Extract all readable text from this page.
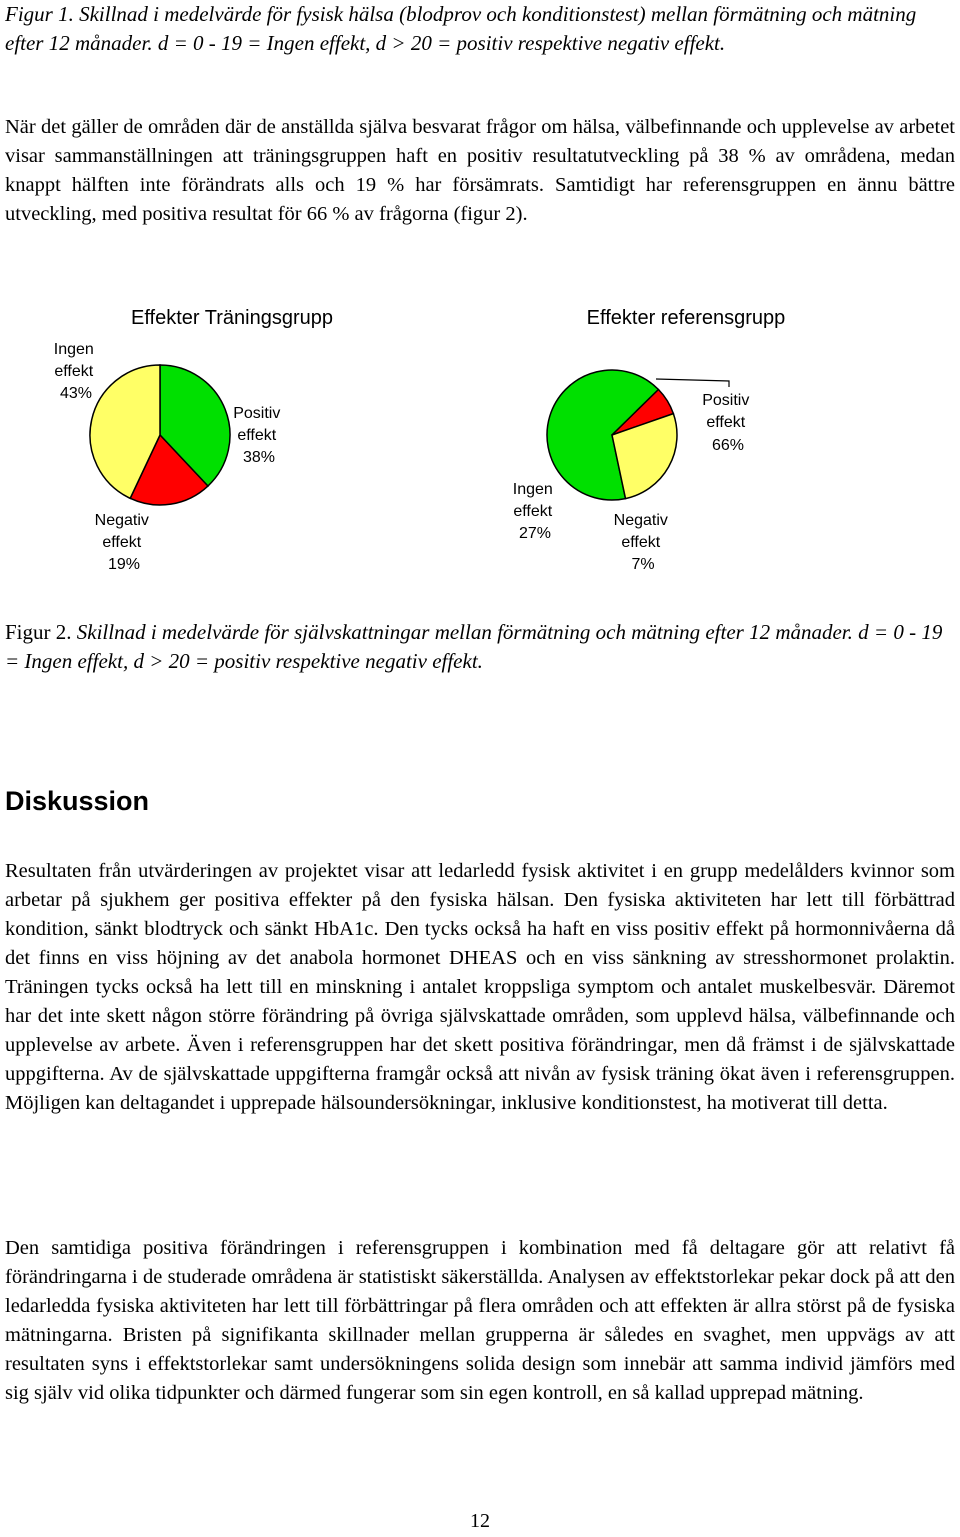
Figur 1. Skillnad i medelvärde för fysisk hälsa (blodprov och konditionstest) mellan förmätning och mätning efter 12 månader. d = 0 - 19 = Ingen effekt, d > 20 = positiv respektive negativ effekt.
När det gäller de områden där de anställda själva besvarat frågor om hälsa, välbefinnande och upplevelse av arbetet visar sammanställningen att träningsgruppen haft en positiv resultatutveckling på 38 % av områdena, medan knappt hälften inte förändrats alls och 19 % har försämrats. Samtidigt har referensgruppen en ännu bättre utveckling, med positiva resultat för 66 % av frågorna (figur 2).
Effekter Träningsgrupp
Ingen effekt 43%
Positiv effekt 38%
Negativ effekt 19%
Effekter referensgrupp
Positiv effekt 66%
Ingen effekt 27%
Negativ effekt 7%
Figur 2. Skillnad i medelvärde för självskattningar mellan förmätning och mätning efter 12 månader. d = 0 - 19 = Ingen effekt, d > 20 = positiv respektive negativ effekt.
Diskussion
Resultaten från utvärderingen av projektet visar att ledarledd fysisk aktivitet i en grupp medelålders kvinnor som arbetar på sjukhem ger positiva effekter på den fysiska hälsan. Den fysiska aktiviteten har lett till förbättrad kondition, sänkt blodtryck och sänkt HbA1c. Den tycks också ha haft en viss positiv effekt på hormonnivåerna då det finns en viss höjning av det anabola hormonet DHEAS och en viss sänkning av stresshormonet prolaktin. Träningen tycks också ha lett till en minskning i antalet kroppsliga symptom och antalet muskelbesvär. Däremot har det inte skett någon större förändring på övriga självskattade områden, som upplevd hälsa, välbefinnande och upplevelse av arbete. Även i referensgruppen har det skett positiva förändringar, men då främst i de självskattade uppgifterna. Av de självskattade uppgifterna framgår också att nivån av fysisk träning ökat även i referensgruppen. Möjligen kan deltagandet i upprepade hälsoundersökningar, inklusive konditionstest, ha motiverat till detta.
Den samtidiga positiva förändringen i referensgruppen i kombination med få deltagare gör att relativt få förändringarna i de studerade områdena är statistiskt säkerställda. Analysen av effektstorlekar pekar dock på att den ledarledda fysiska aktiviteten har lett till förbättringar på flera områden och att effekten är allra störst på de fysiska mätningarna. Bristen på signifikanta skillnader mellan grupperna är således en svaghet, men uppvägs av att resultaten syns i effektstorlekar samt undersökningens solida design som innebär att samma individ jämförs med sig själv vid olika tidpunkter och därmed fungerar som sin egen kontroll, en så kallad upprepad mätning.
12
